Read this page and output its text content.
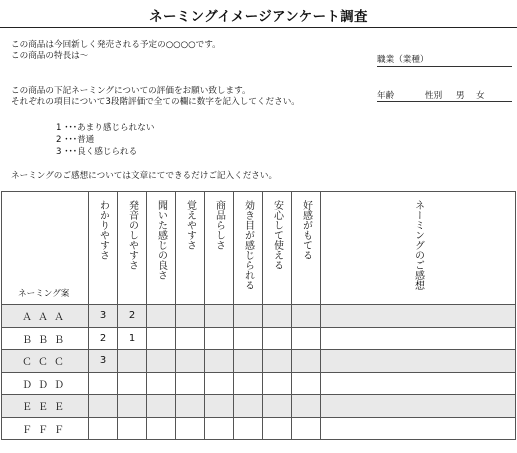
ネーミングイメージアンケート調査
この商品は今回新しく発売される予定の○○○○です。
この商品の特長は〜
この商品の下記ネーミングについての評価をお願い致します。
それぞれの項目について3段階評価で全ての欄に数字を記入してください。
職業（業種）
年齢	性別 男 女
1 ･･･あまり感じられない
2 ･･･普通
3 ･･･良く感じられる
ネーミングのご感想については文章にてできるだけご記入ください。
ネーミング案	わかりやすさ	発音のしやすさ	聞いた感じの良さ	覚えやすさ	商品らしさ	効き目が感じられる	安心して使える	好感がもてる	ネーミングのご感想

ＡＡＡ	3	2							
ＢＢＢ	2	1							
ＣＣＣ	3								
ＤＤＤ									
ＥＥＥ									
ＦＦＦ									
